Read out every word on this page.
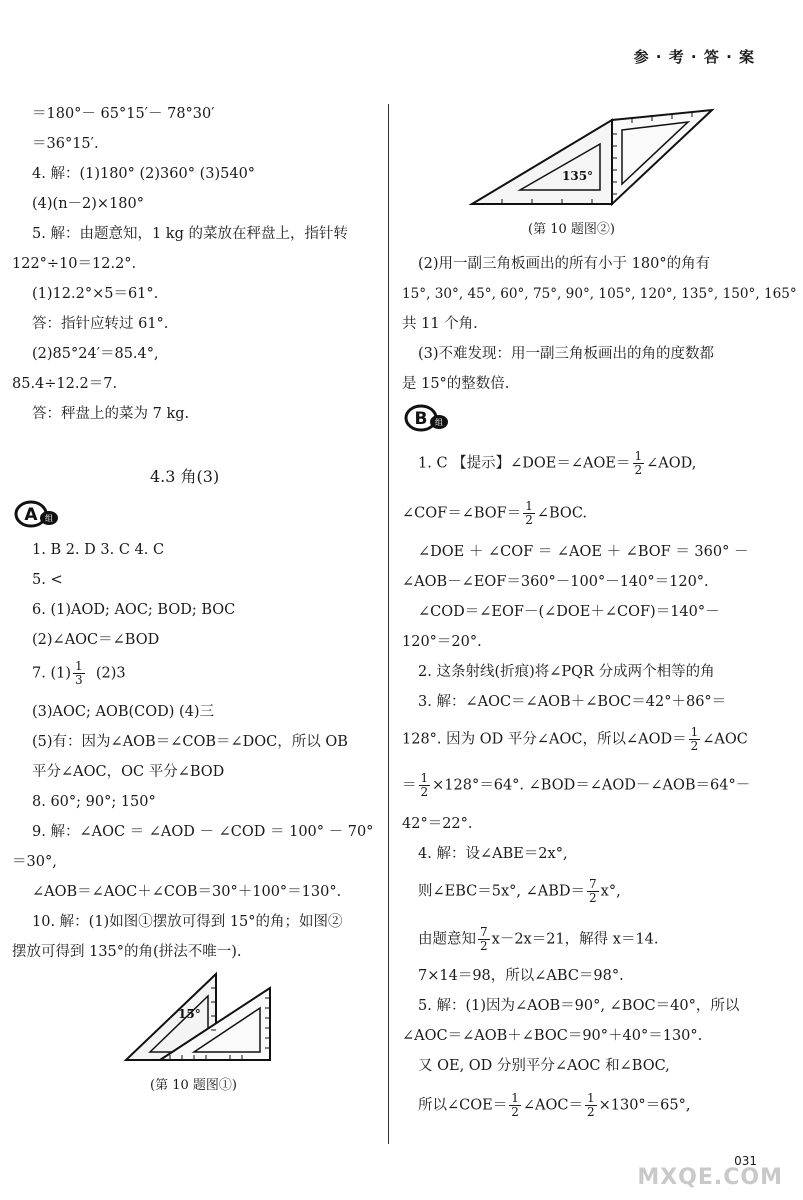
参 · 考 · 答 · 案
＝180°－ 65°15′－ 78°30′
＝36°15′.
4. 解：(1)180° (2)360° (3)540°
(4)(n－2)×180°
5. 解：由题意知，1 kg 的菜放在秤盘上，指针转
122°÷10＝12.2°.
(1)12.2°×5＝61°.
答：指针应转过 61°.
(2)85°24′＝85.4°,
85.4÷12.2＝7.
答：秤盘上的菜为 7 kg.
4.3 角(3)
A 组
1. B 2. D 3. C 4. C
5. <
6. (1)AOD; AOC; BOD; BOC
(2)∠AOC＝∠BOD
7. $(1) \frac{1}{3} (2)3$
(3)AOC; AOB(COD) (4)三
(5)有：因为∠AOB＝∠COB＝∠DOC，所以 OB
平分∠AOC，OC 平分∠BOD
8. 60°; 90°; 150°
9. 解：∠AOC ＝ ∠AOD － ∠COD ＝ 100° － 70°
＝30°,
∠AOB＝∠AOC＋∠COB＝30°＋100°＝130°.
10. 解：(1)如图①摆放可得到 15°的角；如图②
摆放可得到 135°的角(拼法不唯一).
15°
(第 10 题图①)
135°
(第 10 题图②)
(2)用一副三角板画出的所有小于 180°的角有
15°, 30°, 45°, 60°, 75°, 90°, 105°, 120°, 135°, 150°, 165°
共 11 个角.
(3)不难发现：用一副三角板画出的角的度数都
是 15°的整数倍.
B 组
1. C 【提示】∠DOE＝∠AOE＝ $\frac{1}{2}$ ∠AOD,
∠COF＝∠BOF＝ $\frac{1}{2}$ ∠BOC.
∠DOE ＋ ∠COF ＝ ∠AOE ＋ ∠BOF ＝ 360° －
∠AOB－∠EOF＝360°－100°－140°＝120°.
∠COD＝∠EOF－(∠DOE＋∠COF)＝140°－
120°＝20°.
2. 这条射线(折痕)将∠PQR 分成两个相等的角
3. 解：∠AOC＝∠AOB＋∠BOC＝42°＋86°＝
128°. 因为 OD 平分∠AOC，所以∠AOD＝ $\frac{1}{2}$ ∠AOC
＝ $\frac{1}{2} \times 128^\circ=64^\circ$. ∠BOD＝∠AOD－∠AOB＝64°－
42°＝22°.
4. 解：设∠ABE＝2x°,
则∠EBC＝5x°, ∠ABD＝ $\frac{7}{2} x^\circ$,
由题意知 $\frac{7}{2} x-2x=21$，解得 x＝14.
7×14＝98，所以∠ABC＝98°.
5. 解：(1)因为∠AOB＝90°, ∠BOC＝40°，所以
∠AOC＝∠AOB＋∠BOC＝90°＋40°＝130°.
又 OE, OD 分别平分∠AOC 和∠BOC,
所以∠COE＝ $\frac{1}{2}$ ∠AOC＝ $\frac{1}{2} \times 130^\circ=65^\circ$,
031
MXQE.COM
